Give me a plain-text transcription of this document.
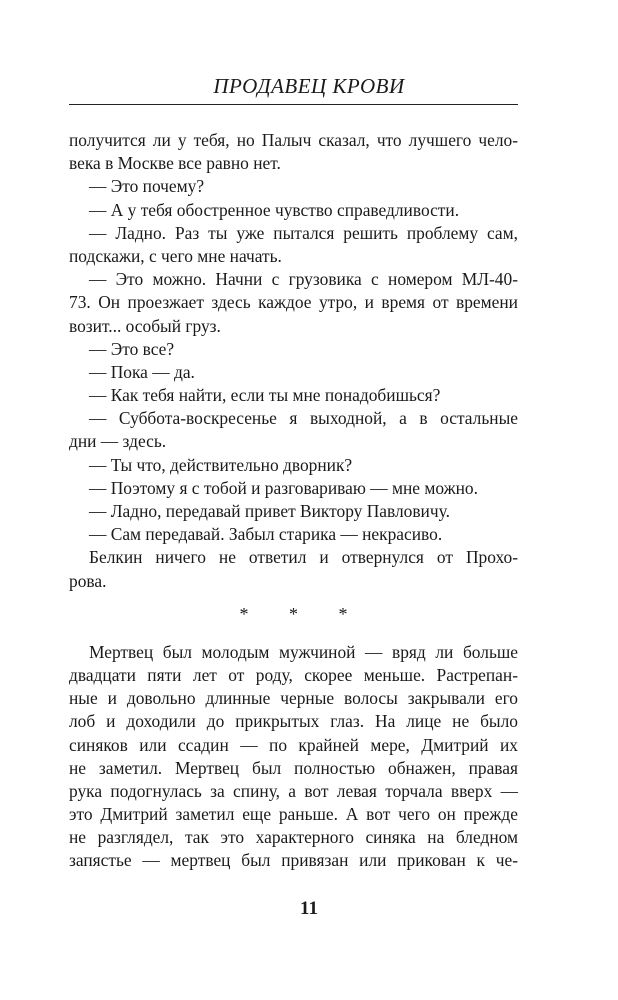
ПРОДАВЕЦ КРОВИ
получится ли у тебя, но Палыч сказал, что лучшего чело-
века в Москве все равно нет.
— Это почему?
— А у тебя обостренное чувство справедливости.
— Ладно. Раз ты уже пытался решить проблему сам,
подскажи, с чего мне начать.
— Это можно. Начни с грузовика с номером МЛ-40-
73. Он проезжает здесь каждое утро, и время от времени
возит... особый груз.
— Это все?
— Пока — да.
— Как тебя найти, если ты мне понадобишься?
— Суббота-воскресенье я выходной, а в остальные
дни — здесь.
— Ты что, действительно дворник?
— Поэтому я с тобой и разговариваю — мне можно.
— Ладно, передавай привет Виктору Павловичу.
— Сам передавай. Забыл старика — некрасиво.
Белкин ничего не ответил и отвернулся от Прохо-
рова.
* * *
Мертвец был молодым мужчиной — вряд ли больше
двадцати пяти лет от роду, скорее меньше. Растрепан-
ные и довольно длинные черные волосы закрывали его
лоб и доходили до прикрытых глаз. На лице не было
синяков или ссадин — по крайней мере, Дмитрий их
не заметил. Мертвец был полностью обнажен, правая
рука подогнулась за спину, а вот левая торчала вверх —
это Дмитрий заметил еще раньше. А вот чего он прежде
не разглядел, так это характерного синяка на бледном
запястье — мертвец был привязан или прикован к че-
11
